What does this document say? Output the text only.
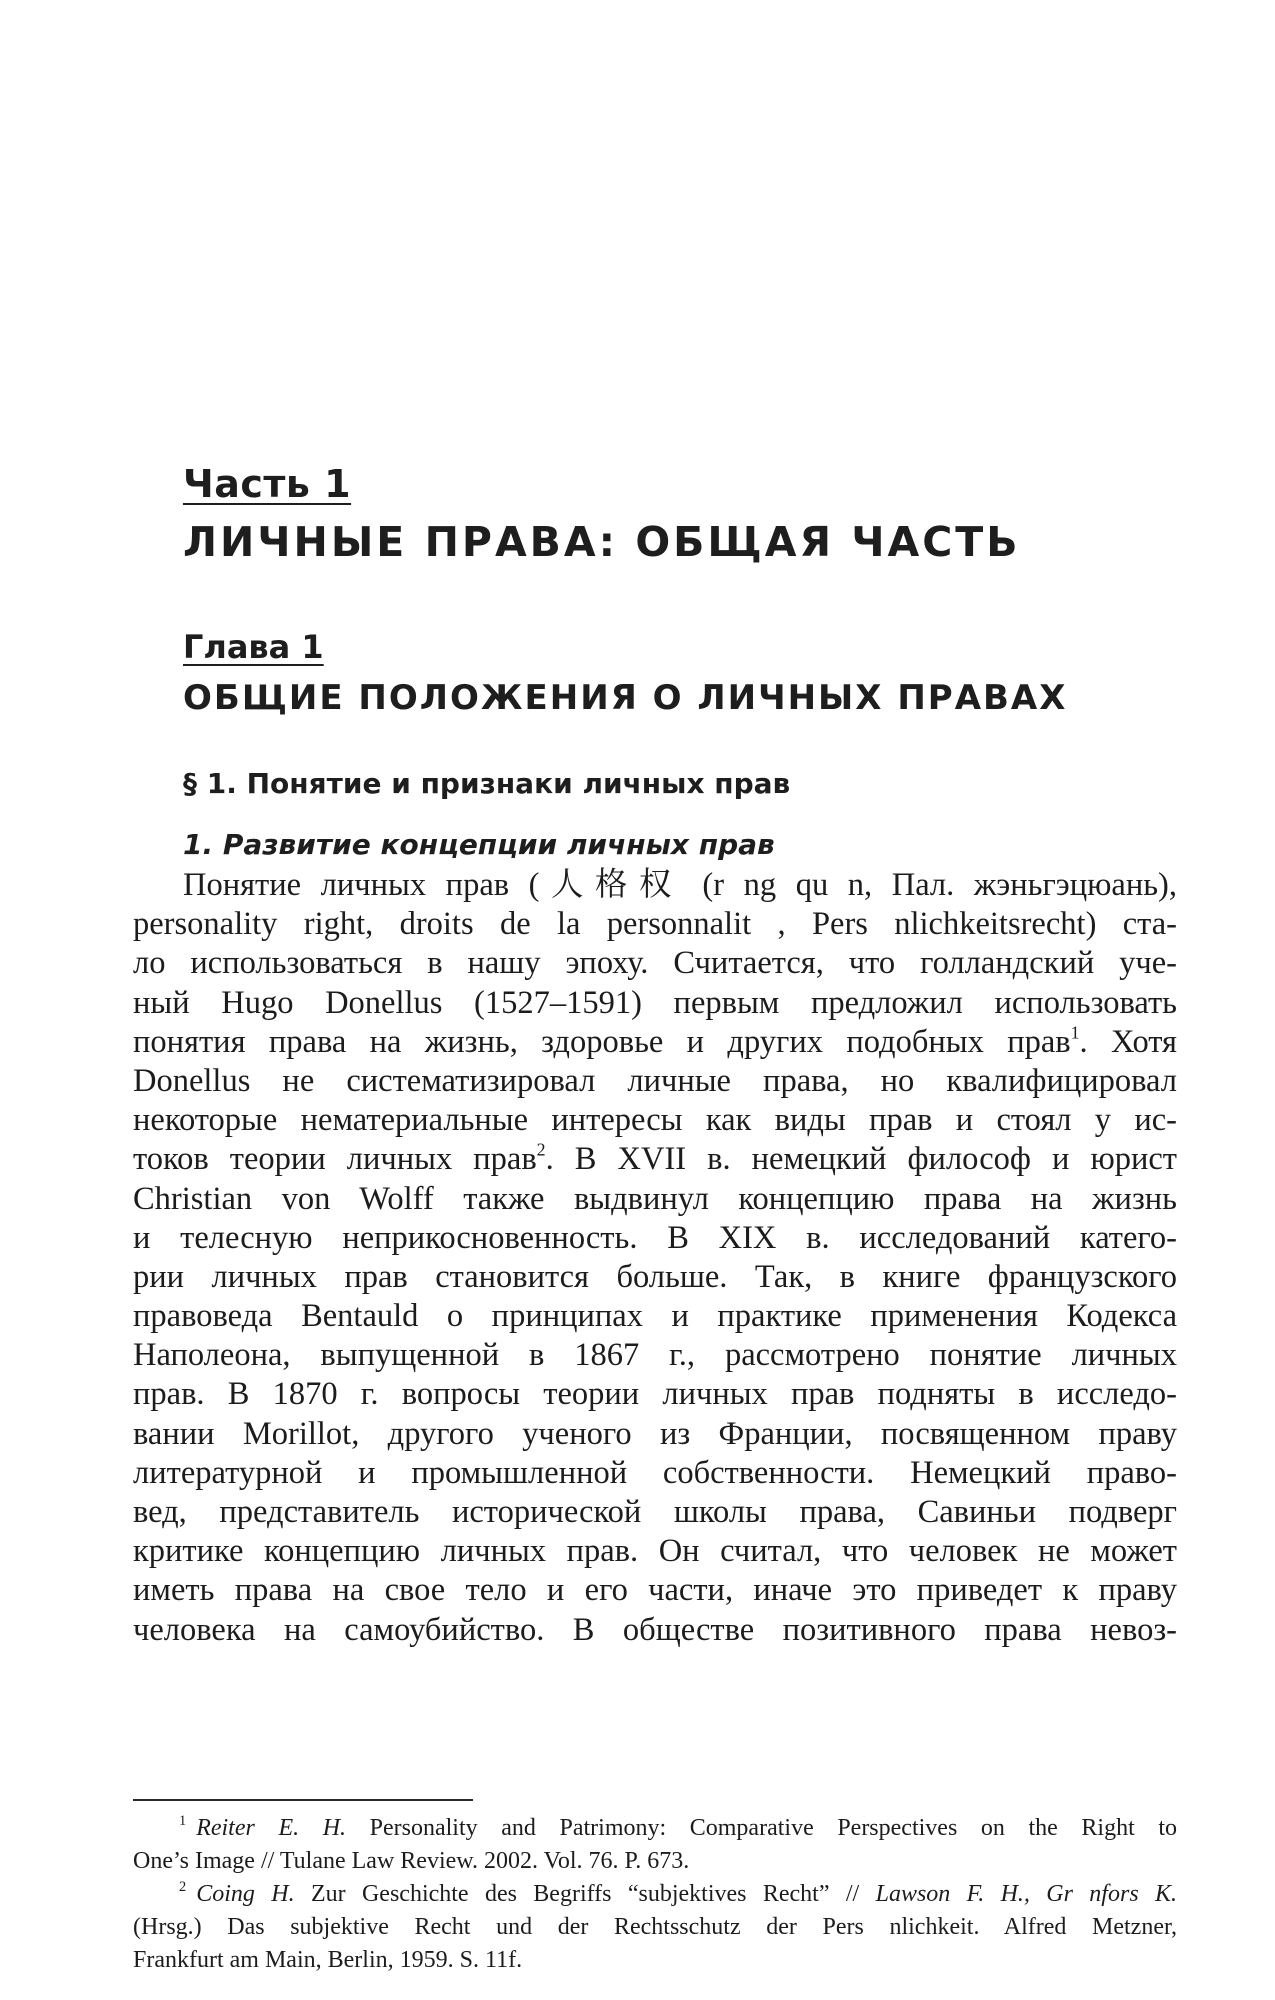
Часть 1
ЛИЧНЫЕ ПРАВА: ОБЩАЯ ЧАСТЬ
Глава 1
ОБЩИЕ ПОЛОЖЕНИЯ О ЛИЧНЫХ ПРАВАХ
§ 1. Понятие и признаки личных прав
1. Развитие концепции личных прав
Понятие личных прав (人格权 (r ng qu n, Пал. жэньгэцюань),
personality right, droits de la personnalit , Pers nlichkeitsrecht) ста-
ло использоваться в нашу эпоху. Считается, что голландский уче-
ный Hugo Donellus (1527–1591) первым предложил использовать
понятия права на жизнь, здоровье и других подобных прав$^1$. Хотя
Donellus не систематизировал личные права, но квалифицировал
некоторые нематериальные интересы как виды прав и стоял у ис-
токов теории личных прав$^2$. В XVII в. немецкий философ и юрист
Christian von Wolff также выдвинул концепцию права на жизнь
и телесную неприкосновенность. В XIX в. исследований катего-
рии личных прав становится больше. Так, в книге французского
правоведа Bentauld о принципах и практике применения Кодекса
Наполеона, выпущенной в 1867 г., рассмотрено понятие личных
прав. В 1870 г. вопросы теории личных прав подняты в исследо-
вании Morillot, другого ученого из Франции, посвященном праву
литературной и промышленной собственности. Немецкий право-
вед, представитель исторической школы права, Савиньи подверг
критике концепцию личных прав. Он считал, что человек не может
иметь права на свое тело и его части, иначе это приведет к праву
человека на самоубийство. В обществе позитивного права невоз-
$^1$ Reiter E. H. Personality and Patrimony: Comparative Perspectives on the Right to
One’s Image // Tulane Law Review. 2002. Vol. 76. P. 673.
$^2$ Coing H. Zur Geschichte des Begriffs “subjektives Recht” // Lawson F. H., Gr nfors K.
(Hrsg.) Das subjektive Recht und der Rechtsschutz der Pers nlichkeit. Alfred Metzner,
Frankfurt am Main, Berlin, 1959. S. 11f.
